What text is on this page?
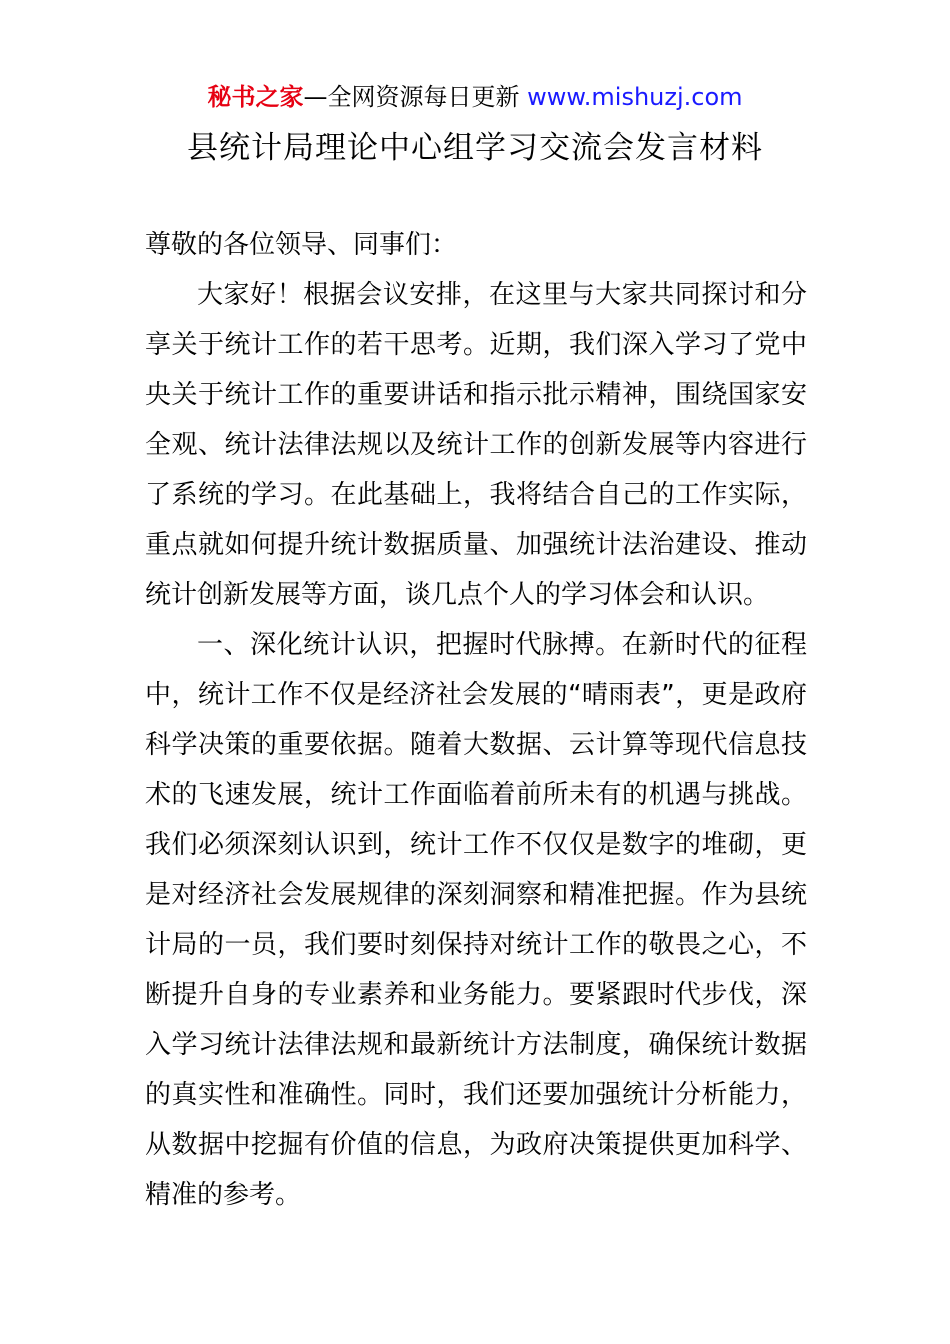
秘书之家—全网资源每日更新 www.mishuzj.com
县统计局理论中心组学习交流会发言材料

尊敬的各位领导、同事们：

大家好！根据会议安排，在这里与大家共同探讨和分享关于统计工作的若干思考。近期，我们深入学习了党中央关于统计工作的重要讲话和指示批示精神，围绕国家安全观、统计法律法规以及统计工作的创新发展等内容进行了系统的学习。在此基础上，我将结合自己的工作实际，重点就如何提升统计数据质量、加强统计法治建设、推动统计创新发展等方面，谈几点个人的学习体会和认识。

一、深化统计认识，把握时代脉搏。在新时代的征程中，统计工作不仅是经济社会发展的“晴雨表”，更是政府科学决策的重要依据。随着大数据、云计算等现代信息技术的飞速发展，统计工作面临着前所未有的机遇与挑战。我们必须深刻认识到，统计工作不仅仅是数字的堆砌，更是对经济社会发展规律的深刻洞察和精准把握。作为县统计局的一员，我们要时刻保持对统计工作的敬畏之心，不断提升自身的专业素养和业务能力。要紧跟时代步伐，深入学习统计法律法规和最新统计方法制度，确保统计数据的真实性和准确性。同时，我们还要加强统计分析能力，从数据中挖掘有价值的信息，为政府决策提供更加科学、精准的参考。
